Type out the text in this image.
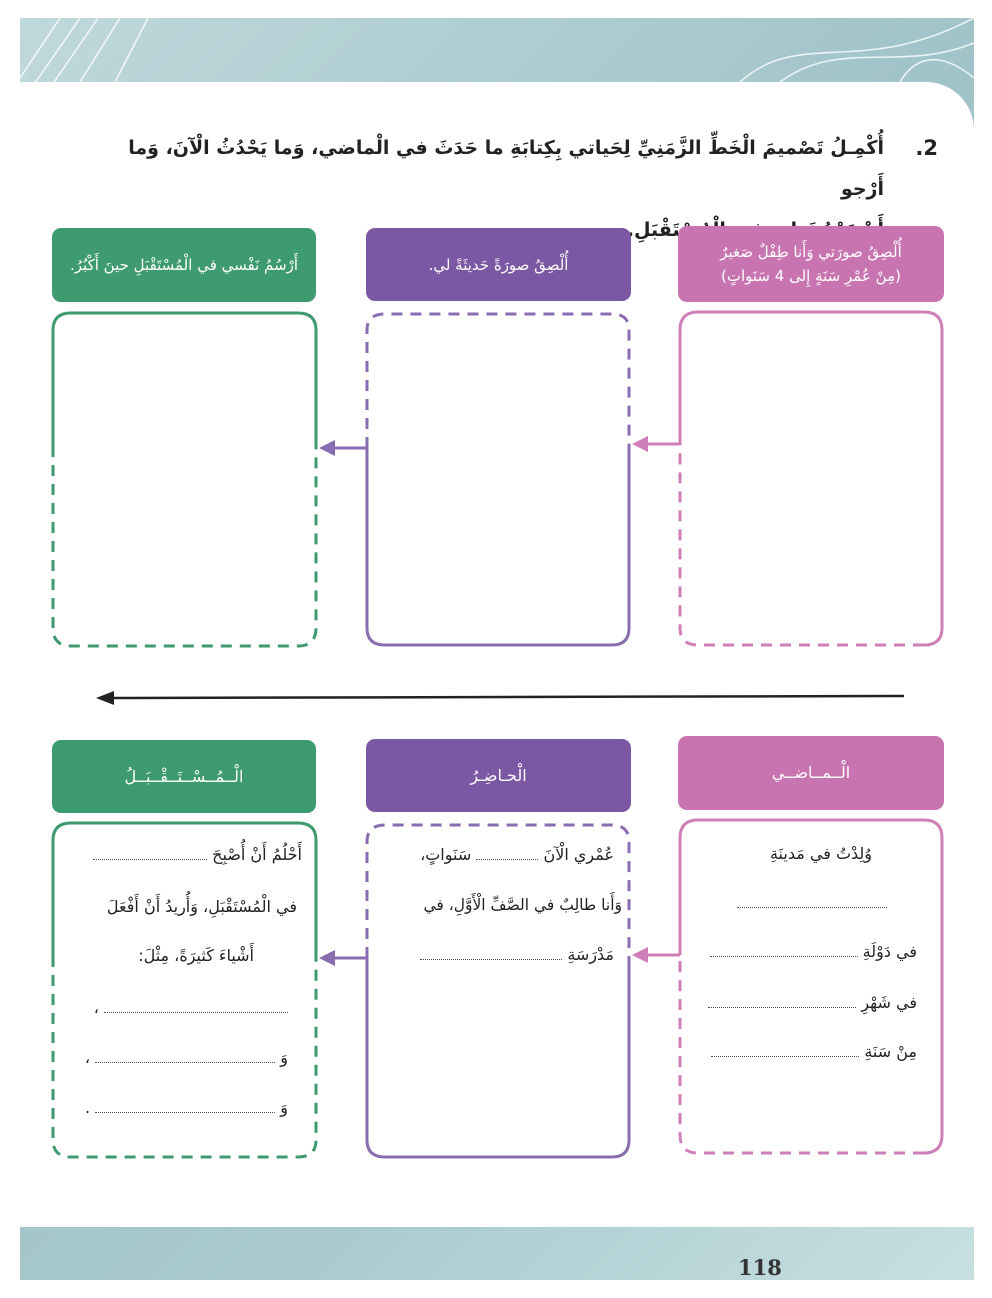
2.
أُكْمِـلُ تَصْميمَ الْخَطِّ الزَّمَنِيِّ لِحَياتي بِكِتابَةِ ما حَدَثَ في الْماضي، وَما يَحْدُثُ الْآنَ، وَما أَرْجو
الْمُسْتَقْبَلِ.
أُلْصِقُ صورَتي وَأَنا طِفْلٌ صَغيرٌ
(مِنْ عُمْرِ سَنَةٍ إِلى 4 سَنَواتٍ)
أُلْصِقُ صورَةً حَديثَةً لي.
أَرْسُمُ نَفْسي في الْمُسْتَقْبَلِ حينَ أَكْبُرُ.
الْــمــاضــي
الْحـاضِـرُ
الْــمُــسْــتَــقْــبَــلُ
وُلِدْتُ في مَدينَةِ
في دَوْلَةِ
في شَهْرِ
مِنْ سَنَةِ
عُمْري الْآنَ  سَنَواتٍ،
وَأَنا طالِبٌ في الصَّفِّ الْأَوَّلِ، في
مَدْرَسَةِ
أَحْلُمُ أَنْ أُصْبِحَ
في الْمُسْتَقْبَلِ، وَأُريدُ أَنْ أَفْعَلَ
أَشْياءَ كَثيرَةً، مِثْلَ:
،
وَ  ،
وَ  .
118
